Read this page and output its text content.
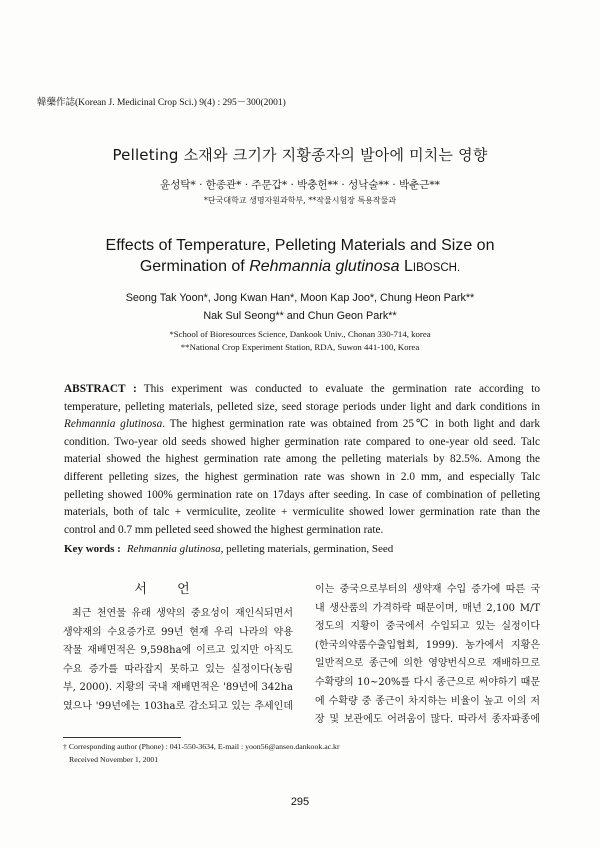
韓藥作誌(Korean J. Medicinal Crop Sci.) 9(4) : 295－300(2001)
Pelleting 소재와 크기가 지황종자의 발아에 미치는 영향
윤성탁* · 한종관* · 주문갑* · 박충헌** · 성낙술** · 박춘근**
*단국대학교 생명자원과학부, **작물시험장 특용작물과
Effects of Temperature, Pelleting Materials and Size on
Germination of Rehmannia glutinosa LIBOSCH.
Seong Tak Yoon*, Jong Kwan Han*, Moon Kap Joo*, Chung Heon Park**
Nak Sul Seong** and Chun Geon Park**
*School of Bioresources Science, Dankook Univ., Chonan 330-714, korea
**National Crop Experiment Station, RDA, Suwon 441-100, Korea
ABSTRACT : This experiment was conducted to evaluate the germination rate according to
temperature, pelleting materials, pelleted size, seed storage periods under light and dark conditions in
Rehmannia glutinosa. The highest germination rate was obtained from 25℃ in both light and dark
condition. Two-year old seeds showed higher germination rate compared to one-year old seed. Talc
material showed the highest germination rate among the pelleting materials by 82.5%. Among the
different pelleting sizes, the highest germination rate was shown in 2.0 mm, and especially Talc
pelleting showed 100% germination rate on 17days after seeding. In case of combination of pelleting
materials, both of talc + vermiculite, zeolite + vermiculite showed lower germination rate than the
control and 0.7 mm pelleted seed showed the highest germination rate.
Key words : Rehmannia glutinosa, pelleting materials, germination, Seed
서 언
최근 천연물 유래 생약의 중요성이 재인식되면서
생약재의 수요증가로 99년 현재 우리 나라의 약용
작물 재배면적은 9,598ha에 이르고 있지만 아직도
수요 증가를 따라잡지 못하고 있는 실정이다(농림
부, 2000). 지황의 국내 재배면적은 '89년에 342ha
였으나 '99년에는 103ha로 감소되고 있는 추세인데
이는 중국으로부터의 생약재 수입 증가에 따른 국
내 생산품의 가격하락 때문이며, 매년 2,100 M/T
정도의 지황이 중국에서 수입되고 있는 실정이다
(한국의약품수출입협회, 1999). 농가에서 지황은
일반적으로 종근에 의한 영양번식으로 재배하므로
수확량의 10~20%를 다시 종근으로 써야하기 때문
에 수확량 중 종근이 차지하는 비율이 높고 이의 저
장 및 보관에도 어려움이 많다. 따라서 종자파종에
† Corresponding author (Phone) : 041-550-3634, E-mail : yoon56@anseo.dankook.ac.kr
Received November 1, 2001
295
